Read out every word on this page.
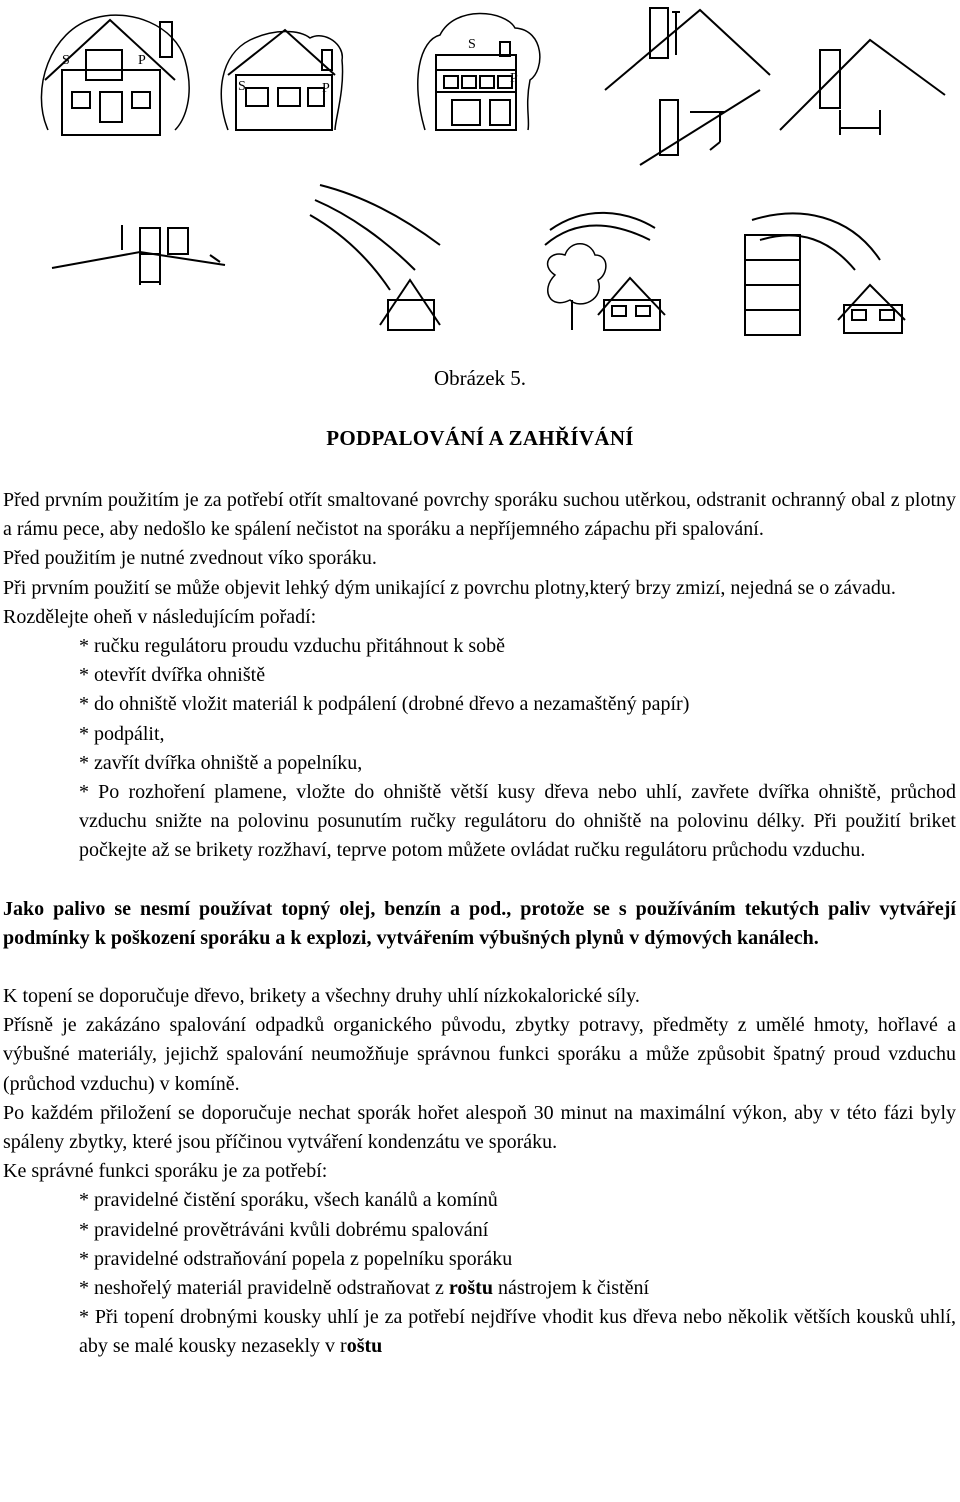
S	P
S	P
S
P
Obrázek 5.
PODPALOVÁNÍ A ZAHŘÍVÁNÍ

Před prvním použitím je za potřebí otřít smaltované povrchy sporáku suchou utěrkou, odstranit ochranný obal z plotny a rámu pece, aby nedošlo ke spálení nečistot na sporáku a nepříjemného zápachu při spalování.

Před použitím je nutné zvednout víko sporáku.

Při prvním použití se může objevit lehký dým unikající z povrchu plotny,který brzy zmizí, nejedná se o závadu.

Rozdělejte oheň v následujícím pořadí:

* ručku regulátoru proudu vzduchu přitáhnout k sobě

* otevřít dvířka ohniště

* do ohniště vložit materiál k podpálení (drobné dřevo a nezamaštěný papír)

* podpálit,

* zavřít dvířka ohniště a popelníku,

* Po rozhoření plamene, vložte do ohniště větší kusy dřeva nebo uhlí, zavřete dvířka ohniště, průchod vzduchu snižte na polovinu posunutím ručky regulátoru do ohniště na polovinu délky. Při použití briket počkejte až se brikety rozžhaví, teprve potom můžete ovládat ručku regulátoru průchodu vzduchu.

Jako palivo se nesmí používat topný olej, benzín a pod., protože se s používáním tekutých paliv vytvářejí podmínky k poškození sporáku a k explozi, vytvářením výbušných plynů v dýmových kanálech.

K topení se doporučuje dřevo, brikety a všechny druhy uhlí nízkokalorické síly.

Přísně je zakázáno spalování odpadků organického původu, zbytky potravy, předměty z umělé hmoty, hořlavé a výbušné materiály, jejichž spalování neumožňuje správnou funkci sporáku a může způsobit špatný proud vzduchu (průchod vzduchu) v komíně.

Po každém přiložení se doporučuje nechat sporák hořet alespoň 30 minut na maximální výkon, aby v této fázi byly spáleny zbytky, které jsou příčinou vytváření kondenzátu ve sporáku.

Ke správné funkci sporáku je za potřebí:

* pravidelné čistění sporáku, všech kanálů a komínů

* pravidelné provětráváni kvůli dobrému spalování

* pravidelné odstraňování popela z popelníku sporáku

* neshořelý materiál pravidelně odstraňovat z roštu nástrojem k čistění

* Při topení drobnými kousky uhlí je za potřebí nejdříve vhodit kus dřeva nebo několik větších kousků uhlí, aby se malé kousky nezasekly v roštu
